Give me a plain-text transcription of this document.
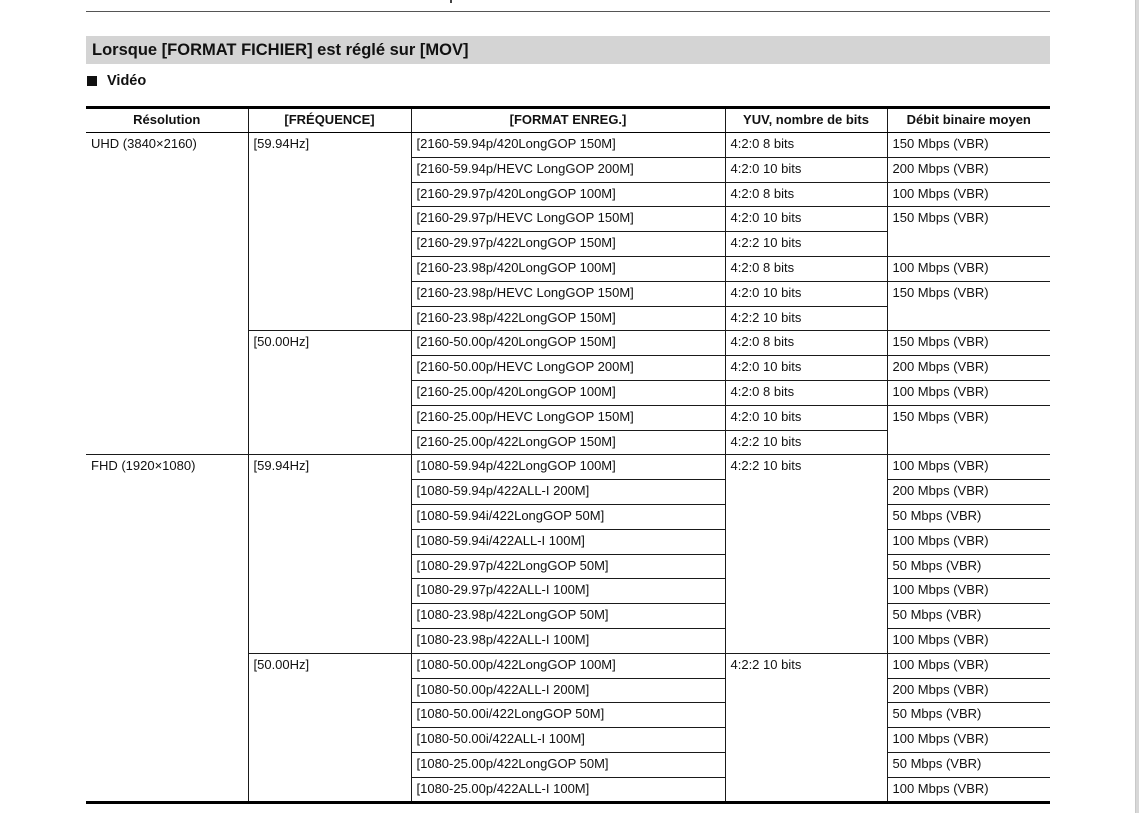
Lorsque [FORMAT FICHIER] est réglé sur [MOV]
Vidéo
Résolution	[FRÉQUENCE]	[FORMAT ENREG.]	YUV, nombre de bits	Débit binaire moyen
UHD (3840×2160)	[59.94Hz]	[2160-59.94p/420LongGOP 150M]	4:2:0 8 bits	150 Mbps (VBR)
		[2160-59.94p/HEVC LongGOP 200M]	4:2:0 10 bits	200 Mbps (VBR)
		[2160-29.97p/420LongGOP 100M]	4:2:0 8 bits	100 Mbps (VBR)
		[2160-29.97p/HEVC LongGOP 150M]	4:2:0 10 bits	150 Mbps (VBR)
		[2160-29.97p/422LongGOP 150M]	4:2:2 10 bits	
		[2160-23.98p/420LongGOP 100M]	4:2:0 8 bits	100 Mbps (VBR)
		[2160-23.98p/HEVC LongGOP 150M]	4:2:0 10 bits	150 Mbps (VBR)
		[2160-23.98p/422LongGOP 150M]	4:2:2 10 bits	
	[50.00Hz]	[2160-50.00p/420LongGOP 150M]	4:2:0 8 bits	150 Mbps (VBR)
		[2160-50.00p/HEVC LongGOP 200M]	4:2:0 10 bits	200 Mbps (VBR)
		[2160-25.00p/420LongGOP 100M]	4:2:0 8 bits	100 Mbps (VBR)
		[2160-25.00p/HEVC LongGOP 150M]	4:2:0 10 bits	150 Mbps (VBR)
		[2160-25.00p/422LongGOP 150M]	4:2:2 10 bits	
FHD (1920×1080)	[59.94Hz]	[1080-59.94p/422LongGOP 100M]	4:2:2 10 bits	100 Mbps (VBR)
		[1080-59.94p/422ALL-I 200M]		200 Mbps (VBR)
		[1080-59.94i/422LongGOP 50M]		50 Mbps (VBR)
		[1080-59.94i/422ALL-I 100M]		100 Mbps (VBR)
		[1080-29.97p/422LongGOP 50M]		50 Mbps (VBR)
		[1080-29.97p/422ALL-I 100M]		100 Mbps (VBR)
		[1080-23.98p/422LongGOP 50M]		50 Mbps (VBR)
		[1080-23.98p/422ALL-I 100M]		100 Mbps (VBR)
	[50.00Hz]	[1080-50.00p/422LongGOP 100M]	4:2:2 10 bits	100 Mbps (VBR)
		[1080-50.00p/422ALL-I 200M]		200 Mbps (VBR)
		[1080-50.00i/422LongGOP 50M]		50 Mbps (VBR)
		[1080-50.00i/422ALL-I 100M]		100 Mbps (VBR)
		[1080-25.00p/422LongGOP 50M]		50 Mbps (VBR)
		[1080-25.00p/422ALL-I 100M]		100 Mbps (VBR)
